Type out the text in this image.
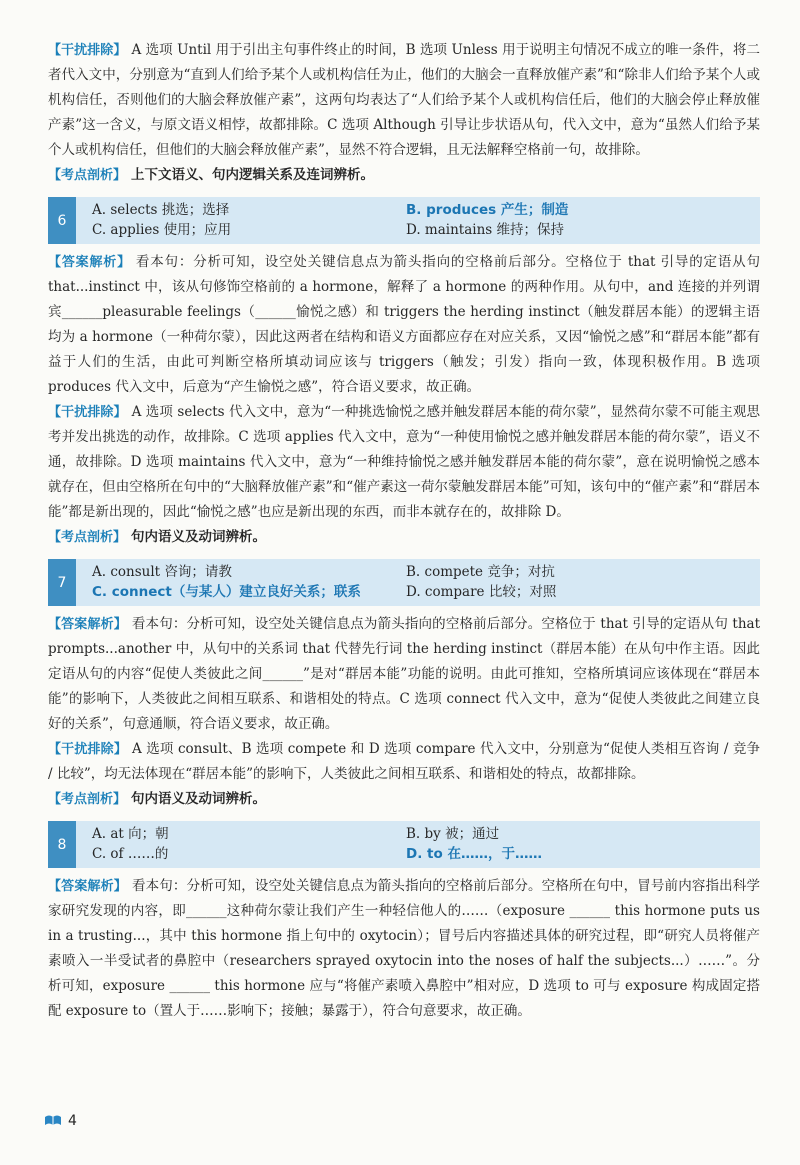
【干扰排除】 A 选项 Until 用于引出主句事件终止的时间，B 选项 Unless 用于说明主句情况不成立的唯一条件，将二者代入文中，分别意为“直到人们给予某个人或机构信任为止，他们的大脑会一直释放催产素”和“除非人们给予某个人或机构信任，否则他们的大脑会释放催产素”，这两句均表达了“人们给予某个人或机构信任后，他们的大脑会停止释放催产素”这一含义，与原文语义相悖，故都排除。C 选项 Although 引导让步状语从句，代入文中，意为“虽然人们给予某个人或机构信任，但他们的大脑会释放催产素”，显然不符合逻辑，且无法解释空格前一句，故排除。

【考点剖析】 上下文语义、句内逻辑关系及连词辨析。

6
A. selects 挑选；选择	B. produces 产生；制造
C. applies 使用；应用	D. maintains 维持；保持

【答案解析】 看本句：分析可知，设空处关键信息点为箭头指向的空格前后部分。空格位于 that 引导的定语从句 that...instinct 中，该从句修饰空格前的 a hormone，解释了 a hormone 的两种作用。从句中，and 连接的并列谓宾______pleasurable feelings（______愉悦之感）和 triggers the herding instinct（触发群居本能）的逻辑主语均为 a hormone（一种荷尔蒙），因此这两者在结构和语义方面都应存在对应关系，又因“愉悦之感”和“群居本能”都有益于人们的生活，由此可判断空格所填动词应该与 triggers（触发；引发）指向一致，体现积极作用。B 选项 produces 代入文中，后意为“产生愉悦之感”，符合语义要求，故正确。

【干扰排除】 A 选项 selects 代入文中，意为“一种挑选愉悦之感并触发群居本能的荷尔蒙”，显然荷尔蒙不可能主观思考并发出挑选的动作，故排除。C 选项 applies 代入文中，意为“一种使用愉悦之感并触发群居本能的荷尔蒙”，语义不通，故排除。D 选项 maintains 代入文中，意为“一种维持愉悦之感并触发群居本能的荷尔蒙”，意在说明愉悦之感本就存在，但由空格所在句中的“大脑释放催产素”和“催产素这一荷尔蒙触发群居本能”可知，该句中的“催产素”和“群居本能”都是新出现的，因此“愉悦之感”也应是新出现的东西，而非本就存在的，故排除 D。

【考点剖析】 句内语义及动词辨析。

7
A. consult 咨询；请教	B. compete 竞争；对抗
C. connect（与某人）建立良好关系；联系	D. compare 比较；对照

【答案解析】 看本句：分析可知，设空处关键信息点为箭头指向的空格前后部分。空格位于 that 引导的定语从句 that prompts...another 中，从句中的关系词 that 代替先行词 the herding instinct（群居本能）在从句中作主语。因此定语从句的内容“促使人类彼此之间______”是对“群居本能”功能的说明。由此可推知，空格所填词应该体现在“群居本能”的影响下，人类彼此之间相互联系、和谐相处的特点。C 选项 connect 代入文中，意为“促使人类彼此之间建立良好的关系”，句意通顺，符合语义要求，故正确。

【干扰排除】 A 选项 consult、B 选项 compete 和 D 选项 compare 代入文中，分别意为“促使人类相互咨询 / 竞争 / 比较”，均无法体现在“群居本能”的影响下，人类彼此之间相互联系、和谐相处的特点，故都排除。

【考点剖析】 句内语义及动词辨析。

8
A. at 向；朝	B. by 被；通过
C. of ……的	D. to 在……，于……

【答案解析】 看本句：分析可知，设空处关键信息点为箭头指向的空格前后部分。空格所在句中，冒号前内容指出科学家研究发现的内容，即______这种荷尔蒙让我们产生一种轻信他人的……（exposure ______ this hormone puts us in a trusting...，其中 this hormone 指上句中的 oxytocin）；冒号后内容描述具体的研究过程，即“研究人员将催产素喷入一半受试者的鼻腔中（researchers sprayed oxytocin into the noses of half the subjects...）……”。分析可知，exposure ______ this hormone 应与“将催产素喷入鼻腔中”相对应，D 选项 to 可与 exposure 构成固定搭配 exposure to（置人于……影响下；接触；暴露于），符合句意要求，故正确。

4
